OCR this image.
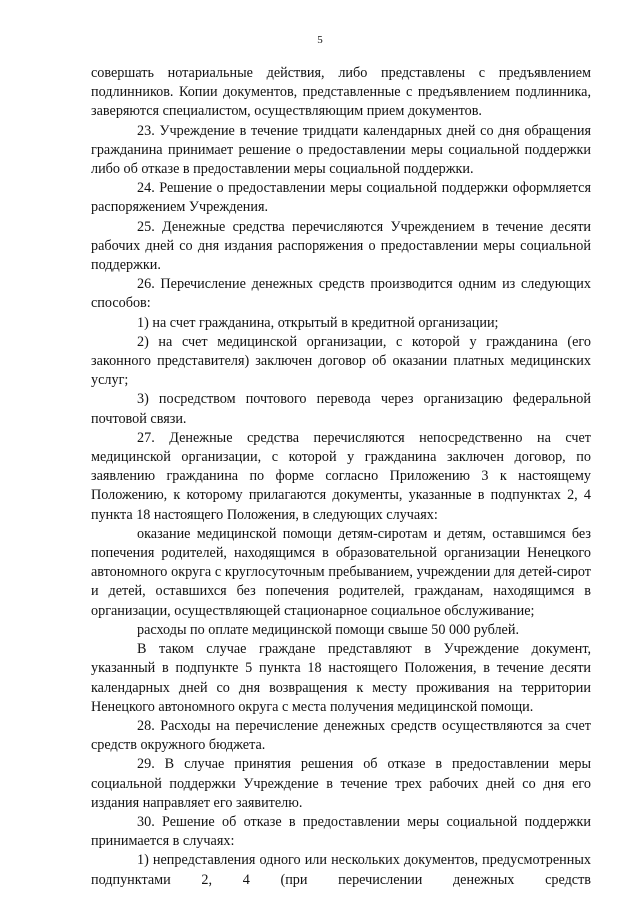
5

совершать нотариальные действия, либо представлены с предъявлением подлинников. Копии документов, представленные с предъявлением подлинника, заверяются специалистом, осуществляющим прием документов.

23. Учреждение в течение тридцати календарных дней со дня обращения гражданина принимает решение о предоставлении меры социальной поддержки либо об отказе в предоставлении меры социальной поддержки.

24. Решение о предоставлении меры социальной поддержки оформляется распоряжением Учреждения.

25. Денежные средства перечисляются Учреждением в течение десяти рабочих дней со дня издания распоряжения о предоставлении меры социальной поддержки.

26. Перечисление денежных средств производится одним из следующих способов:

1) на счет гражданина, открытый в кредитной организации;

2) на счет медицинской организации, с которой у гражданина (его законного представителя) заключен договор об оказании платных медицинских услуг;

3) посредством почтового перевода через организацию федеральной почтовой связи.

27. Денежные средства перечисляются непосредственно на счет медицинской организации, с которой у гражданина заключен договор, по заявлению гражданина по форме согласно Приложению 3 к настоящему Положению, к которому прилагаются документы, указанные в подпунктах 2, 4 пункта 18 настоящего Положения, в следующих случаях:

оказание медицинской помощи детям-сиротам и детям, оставшимся без попечения родителей, находящимся в образовательной организации Ненецкого автономного округа с круглосуточным пребыванием, учреждении для детей-сирот и детей, оставшихся без попечения родителей, гражданам, находящимся в организации, осуществляющей стационарное социальное обслуживание;

расходы по оплате медицинской помощи свыше 50 000 рублей.

В таком случае граждане представляют в Учреждение документ, указанный в подпункте 5 пункта 18 настоящего Положения, в течение десяти календарных дней со дня возвращения к месту проживания на территории Ненецкого автономного округа с места получения медицинской помощи.

28. Расходы на перечисление денежных средств осуществляются за счет средств окружного бюджета.

29. В случае принятия решения об отказе в предоставлении меры социальной поддержки Учреждение в течение трех рабочих дней со дня его издания направляет его заявителю.

30. Решение об отказе в предоставлении меры социальной поддержки принимается в случаях:

1) непредставления одного или нескольких документов, предусмотренных подпунктами 2, 4 (при перечислении денежных средств
